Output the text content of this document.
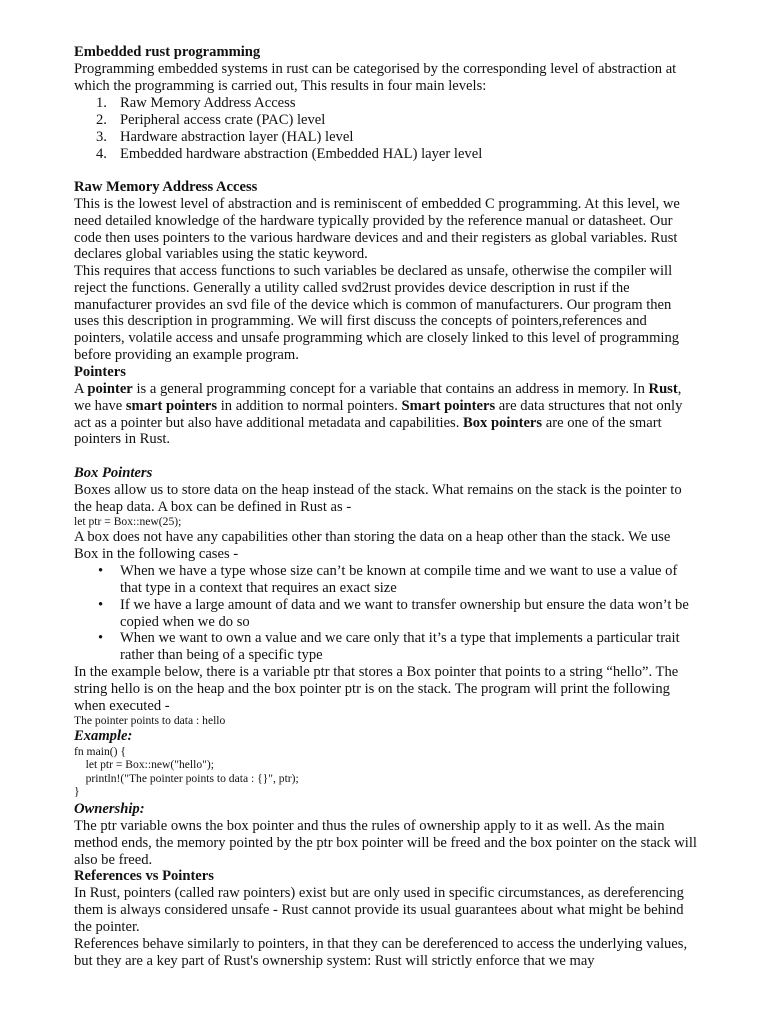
Embedded rust programming

Programming embedded systems in rust can be categorised by the corresponding level of abstraction at which the programming is carried out, This results in four main levels:

1. Raw Memory Address Access
2. Peripheral access crate (PAC) level
3. Hardware abstraction layer (HAL) level
4. Embedded hardware abstraction (Embedded HAL) layer level

Raw Memory Address Access

This is the lowest level of abstraction and is reminiscent of embedded C programming. At this level, we need detailed knowledge of the hardware typically provided by the reference manual or datasheet. Our code then uses pointers to the various hardware devices and and their registers as global variables. Rust declares global variables using the static keyword.

This requires that access functions to such variables be declared as unsafe, otherwise the compiler will reject the functions. Generally a utility called svd2rust provides device description in rust if the manufacturer provides an svd file of the device which is common of manufacturers. Our program then uses this description in programming. We will first discuss the concepts of pointers,references and pointers, volatile access and unsafe programming which are closely linked to this level of programming before providing an example program.

Pointers

A pointer is a general programming concept for a variable that contains an address in memory. In Rust, we have smart pointers in addition to normal pointers. Smart pointers are data structures that not only act as a pointer but also have additional metadata and capabilities. Box pointers are one of the smart pointers in Rust.

Box Pointers

Boxes allow us to store data on the heap instead of the stack. What remains on the stack is the pointer to the heap data. A box can be defined in Rust as -

let ptr = Box::new(25);

A box does not have any capabilities other than storing the data on a heap other than the stack. We use Box in the following cases -

• When we have a type whose size can’t be known at compile time and we want to use a value of that type in a context that requires an exact size
• If we have a large amount of data and we want to transfer ownership but ensure the data won’t be copied when we do so
• When we want to own a value and we care only that it’s a type that implements a particular trait rather than being of a specific type

In the example below, there is a variable ptr that stores a Box pointer that points to a string “hello”. The string hello is on the heap and the box pointer ptr is on the stack. The program will print the following when executed -

The pointer points to data : hello

Example:

fn main() {
let ptr = Box::new("hello");
println!("The pointer points to data : {}", ptr);
}

Ownership:

The ptr variable owns the box pointer and thus the rules of ownership apply to it as well. As the main method ends, the memory pointed by the ptr box pointer will be freed and the box pointer on the stack will also be freed.

References vs Pointers

In Rust, pointers (called raw pointers) exist but are only used in specific circumstances, as dereferencing them is always considered unsafe - Rust cannot provide its usual guarantees about what might be behind the pointer.

References behave similarly to pointers, in that they can be dereferenced to access the underlying values, but they are a key part of Rust's ownership system: Rust will strictly enforce that we may
